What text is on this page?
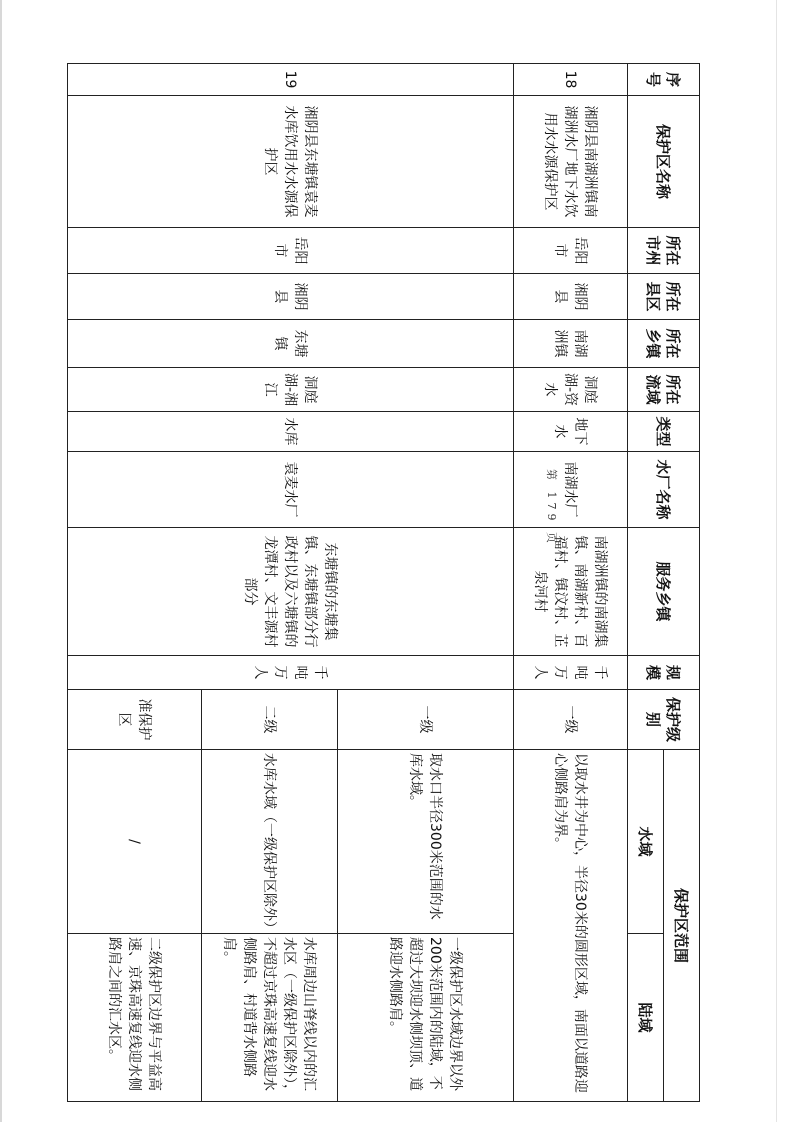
序号	保护区名称	所在市州	所在县区	所在乡镇	所在流域	类型	水厂名称	服务乡镇	规模	保护级别	保护区范围	
											水域	陆域
18	湘阴县南湖洲镇南湖洲水厂地下水饮用水水源保护区	岳阳市	湘阴县	南湖洲镇	洞庭湖-资水	地下水	南湖水厂	南湖洲镇的南湖集镇、南湖新村、百福村、镇汶村、芷泉河村	千吨万人	一级	以取水井为中心，半径30米的圆形区域，南面以道路迎心侧路肩为界。	
19	湘阴县东塘镇袁麦水库饮用水水源保护区	岳阳市	湘阴县	东塘镇	洞庭湖-湘江	水库	袁麦水厂	东塘镇的东塘集镇、东塘镇部分行政村以及六塘镇的龙潭村、文丰源村部分	千吨万人	一级	取水口半径300米范围的水库水域。	一级保护区水域边界以外200米范围内的陆域，不超过大坝迎水侧坝顶、道路迎水侧路肩。
										二级	水库水域（一级保护区除外）	水库周边山脊线以内的汇水区（一级保护区除外），不超过京珠高速复线迎水侧路肩、村道背水侧路肩。
										准保护区	/	二级保护区边界与平益高速、京珠高速复线迎水侧路肩之间的汇水区。
第 179 页
